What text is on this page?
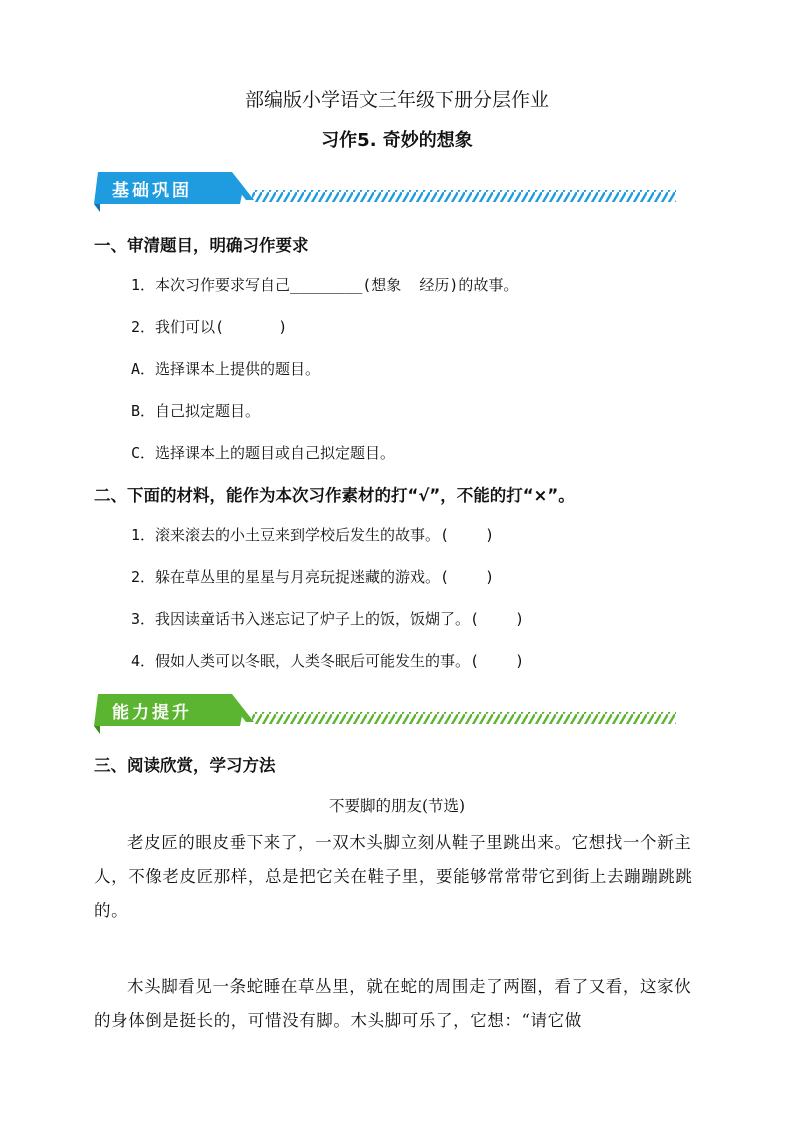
部编版小学语文三年级下册分层作业
习作5. 奇妙的想象
基础巩固
一、审清题目，明确习作要求
1．本次习作要求写自己________(想象  经历)的故事。
2．我们可以(      )
A．选择课本上提供的题目。
B．自己拟定题目。
C．选择课本上的题目或自己拟定题目。
二、下面的材料，能作为本次习作素材的打“√”，不能的打“×”。
1．滚来滚去的小土豆来到学校后发生的故事。(    )
2．躲在草丛里的星星与月亮玩捉迷藏的游戏。(    )
3．我因读童话书入迷忘记了炉子上的饭，饭煳了。(    )
4．假如人类可以冬眠，人类冬眠后可能发生的事。(    )
能力提升
三、阅读欣赏，学习方法
不要脚的朋友(节选)

老皮匠的眼皮垂下来了，一双木头脚立刻从鞋子里跳出来。它想找一个新主人，不像老皮匠那样，总是把它关在鞋子里，要能够常常带它到街上去蹦蹦跳跳的。

木头脚看见一条蛇睡在草丛里，就在蛇的周围走了两圈，看了又看，这家伙的身体倒是挺长的，可惜没有脚。木头脚可乐了，它想：“请它做
